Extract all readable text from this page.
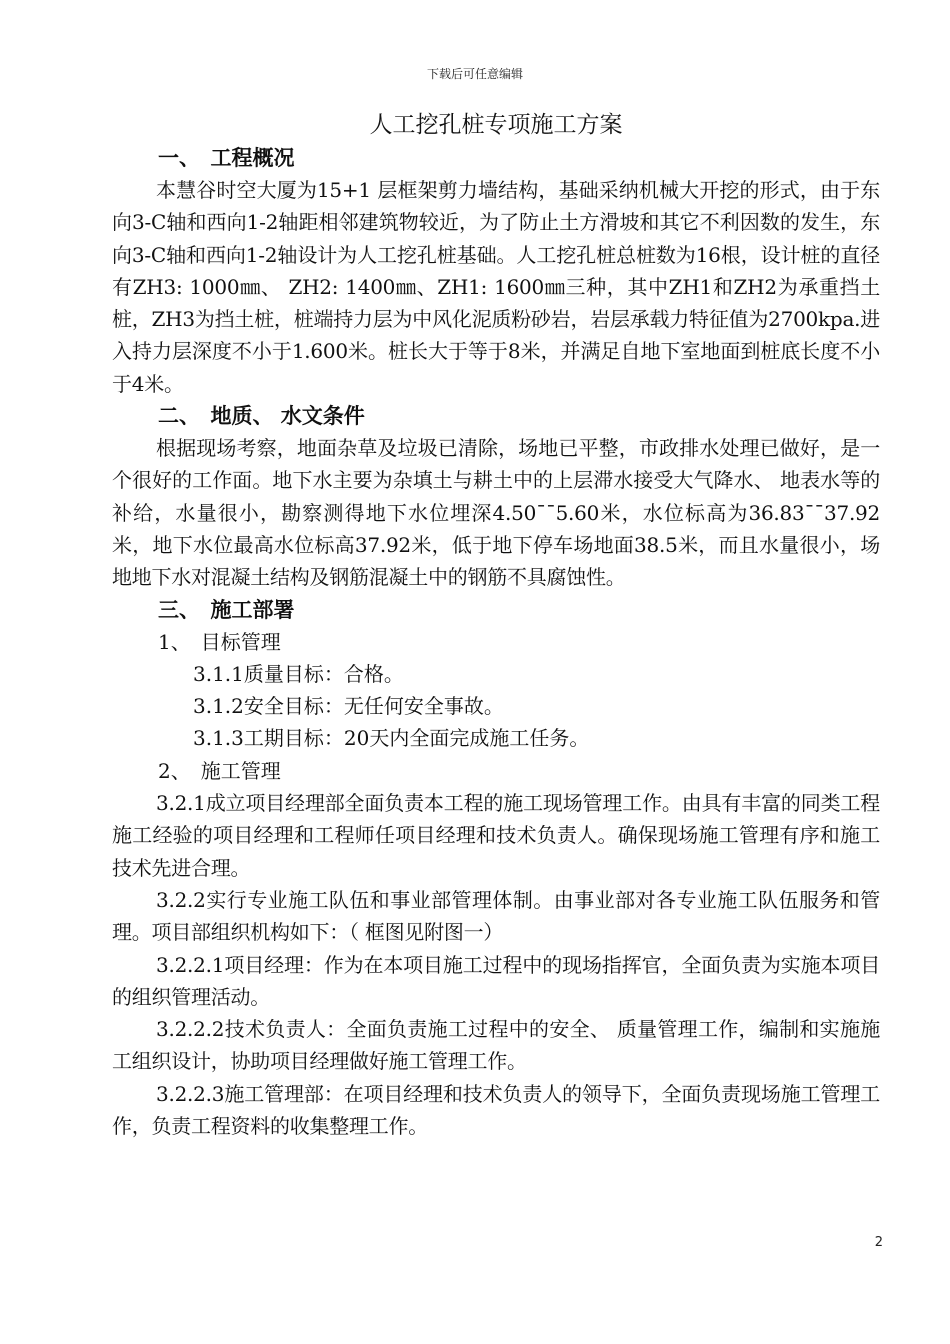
下载后可任意编辑
人工挖孔桩专项施工方案
一、　工程概况
本慧谷时空大厦为15+1 层框架剪力墙结构，基础采纳机械大开挖的形式，由于东向3-C轴和西向1-2轴距相邻建筑物较近，为了防止土方滑坡和其它不利因数的发生，东向3-C轴和西向1-2轴设计为人工挖孔桩基础。人工挖孔桩总桩数为16根，设计桩的直径有ZH3: 1000㎜、 ZH2: 1400㎜、ZH1: 1600㎜三种，其中ZH1和ZH2为承重挡土桩，ZH3为挡土桩，桩端持力层为中风化泥质粉砂岩，岩层承载力特征值为2700kpa.进入持力层深度不小于1.600米。桩长大于等于8米，并满足自地下室地面到桩底长度不小于4米。
二、　地质、 水文条件
根据现场考察，地面杂草及垃圾已清除，场地已平整，市政排水处理已做好，是一个很好的工作面。地下水主要为杂填土与耕土中的上层滞水接受大气降水、 地表水等的补给，水量很小，勘察测得地下水位埋深4.50¯¯5.60米，水位标高为36.83¯¯37.92米，地下水位最高水位标高37.92米，低于地下停车场地面38.5米，而且水量很小，场地地下水对混凝土结构及钢筋混凝土中的钢筋不具腐蚀性。
三、　施工部署
1、　目标管理
3.1.1质量目标：合格。
3.1.2安全目标：无任何安全事故。
3.1.3工期目标：20天内全面完成施工任务。
2、　施工管理
3.2.1成立项目经理部全面负责本工程的施工现场管理工作。由具有丰富的同类工程施工经验的项目经理和工程师任项目经理和技术负责人。确保现场施工管理有序和施工技术先进合理。
3.2.2实行专业施工队伍和事业部管理体制。由事业部对各专业施工队伍服务和管理。项目部组织机构如下：（ 框图见附图一）
3.2.2.1项目经理：作为在本项目施工过程中的现场指挥官，全面负责为实施本项目的组织管理活动。
3.2.2.2技术负责人：全面负责施工过程中的安全、 质量管理工作，编制和实施施工组织设计，协助项目经理做好施工管理工作。
3.2.2.3施工管理部：在项目经理和技术负责人的领导下，全面负责现场施工管理工作，负责工程资料的收集整理工作。
2
